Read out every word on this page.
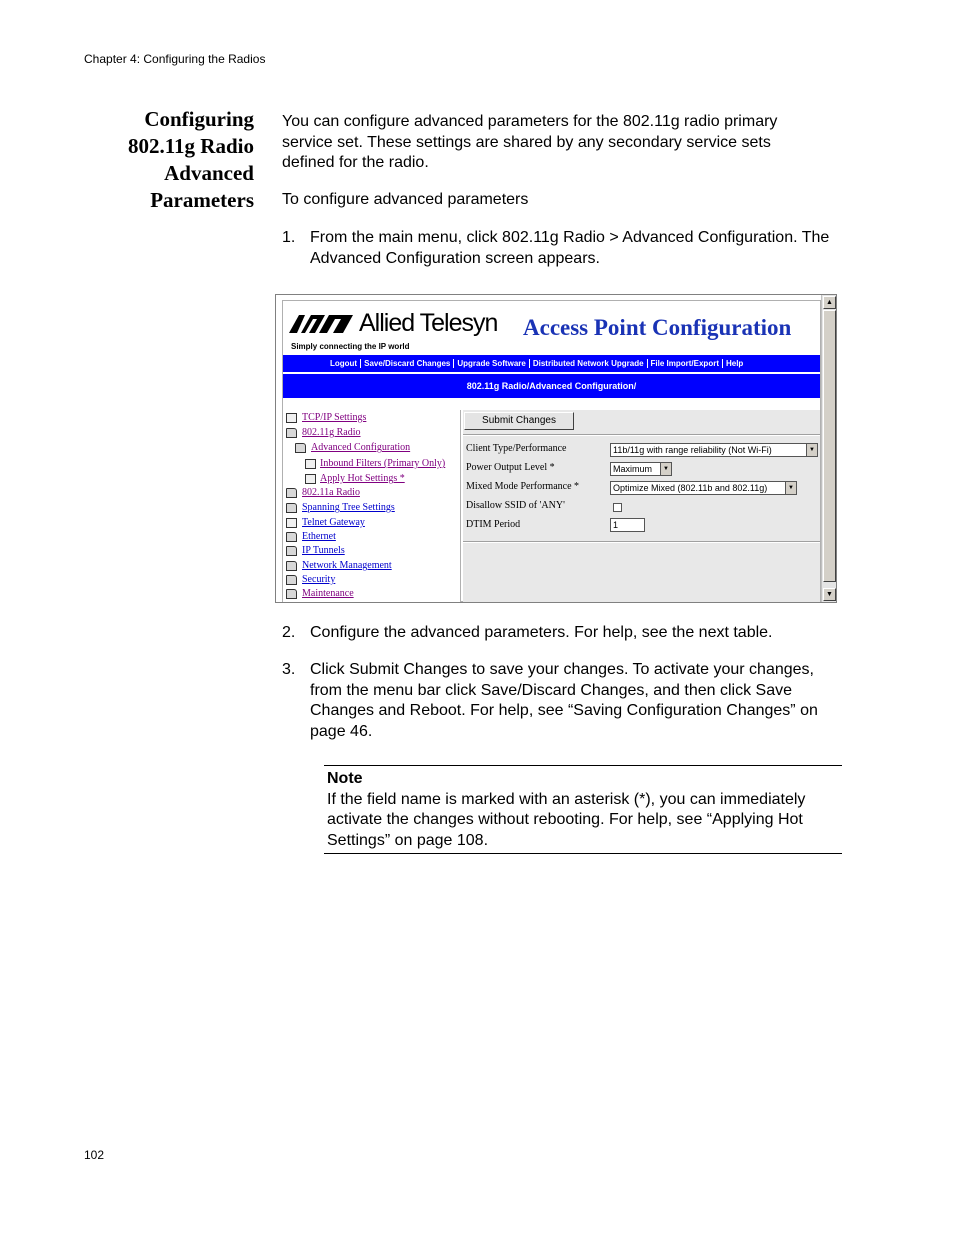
Chapter 4: Configuring the Radios
Configuring 802.11g Radio Advanced Parameters
You can configure advanced parameters for the 802.11g radio primary service set. These settings are shared by any secondary service sets defined for the radio.
To configure advanced parameters
1. From the main menu, click 802.11g Radio > Advanced Configuration. The Advanced Configuration screen appears.
Allied Telesyn
Simply connecting the IP world
Access Point Configuration
Logout Save/Discard Changes Upgrade Software Distributed Network Upgrade File Import/Export Help
802.11g Radio/Advanced Configuration/
TCP/IP Settings
802.11g Radio
Advanced Configuration
Inbound Filters (Primary Only)
Apply Hot Settings *
802.11a Radio
Spanning Tree Settings
Telnet Gateway
Ethernet
IP Tunnels
Network Management
Security
Maintenance
Submit Changes
Client Type/Performance	11b/11g with range reliability (Not Wi-Fi)	▼
Power Output Level *	Maximum	▼
Mixed Mode Performance *	Optimize Mixed (802.11b and 802.11g)	▼
Disallow SSID of 'ANY'
DTIM Period	1
▲
▼
2. Configure the advanced parameters. For help, see the next table.
3. Click Submit Changes to save your changes. To activate your changes, from the menu bar click Save/Discard Changes, and then click Save Changes and Reboot. For help, see “Saving Configuration Changes” on page 46.
Note
If the field name is marked with an asterisk (*), you can immediately activate the changes without rebooting. For help, see “Applying Hot Settings” on page 108.
102
